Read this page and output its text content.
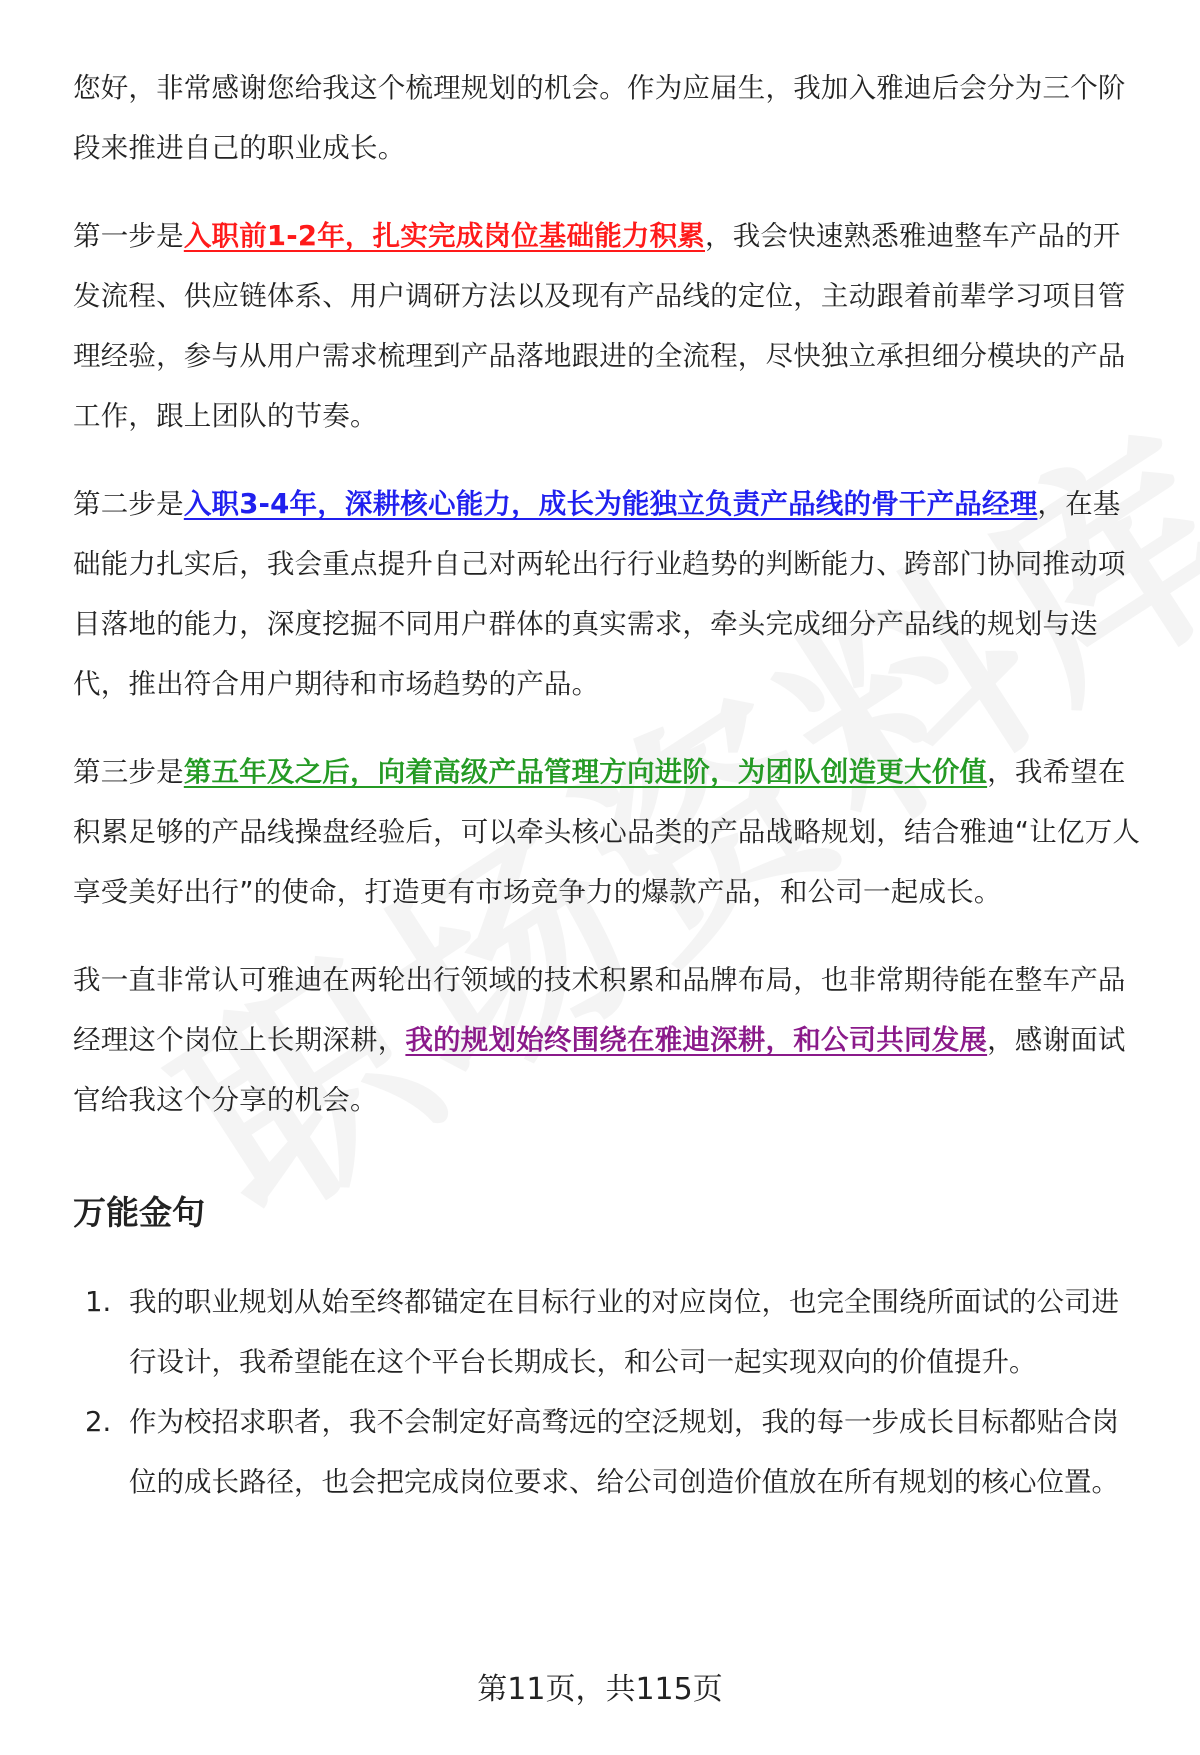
您好，非常感谢您给我这个梳理规划的机会。作为应届生，我加入雅迪后会分为三个阶段来推进自己的职业成长。

第一步是入职前1-2年，扎实完成岗位基础能力积累，我会快速熟悉雅迪整车产品的开发流程、供应链体系、用户调研方法以及现有产品线的定位，主动跟着前辈学习项目管理经验，参与从用户需求梳理到产品落地跟进的全流程，尽快独立承担细分模块的产品工作，跟上团队的节奏。

第二步是入职3-4年，深耕核心能力，成长为能独立负责产品线的骨干产品经理，在基础能力扎实后，我会重点提升自己对两轮出行行业趋势的判断能力、跨部门协同推动项目落地的能力，深度挖掘不同用户群体的真实需求，牵头完成细分产品线的规划与迭代，推出符合用户期待和市场趋势的产品。

第三步是第五年及之后，向着高级产品管理方向进阶，为团队创造更大价值，我希望在积累足够的产品线操盘经验后，可以牵头核心品类的产品战略规划，结合雅迪“让亿万人享受美好出行”的使命，打造更有市场竞争力的爆款产品，和公司一起成长。

我一直非常认可雅迪在两轮出行领域的技术积累和品牌布局，也非常期待能在整车产品经理这个岗位上长期深耕，我的规划始终围绕在雅迪深耕，和公司共同发展，感谢面试官给我这个分享的机会。

万能金句
1. 我的职业规划从始至终都锚定在目标行业的对应岗位，也完全围绕所面试的公司进行设计，我希望能在这个平台长期成长，和公司一起实现双向的价值提升。
2. 作为校招求职者，我不会制定好高骛远的空泛规划，我的每一步成长目标都贴合岗位的成长路径，也会把完成岗位要求、给公司创造价值放在所有规划的核心位置。
第11页，共115页
